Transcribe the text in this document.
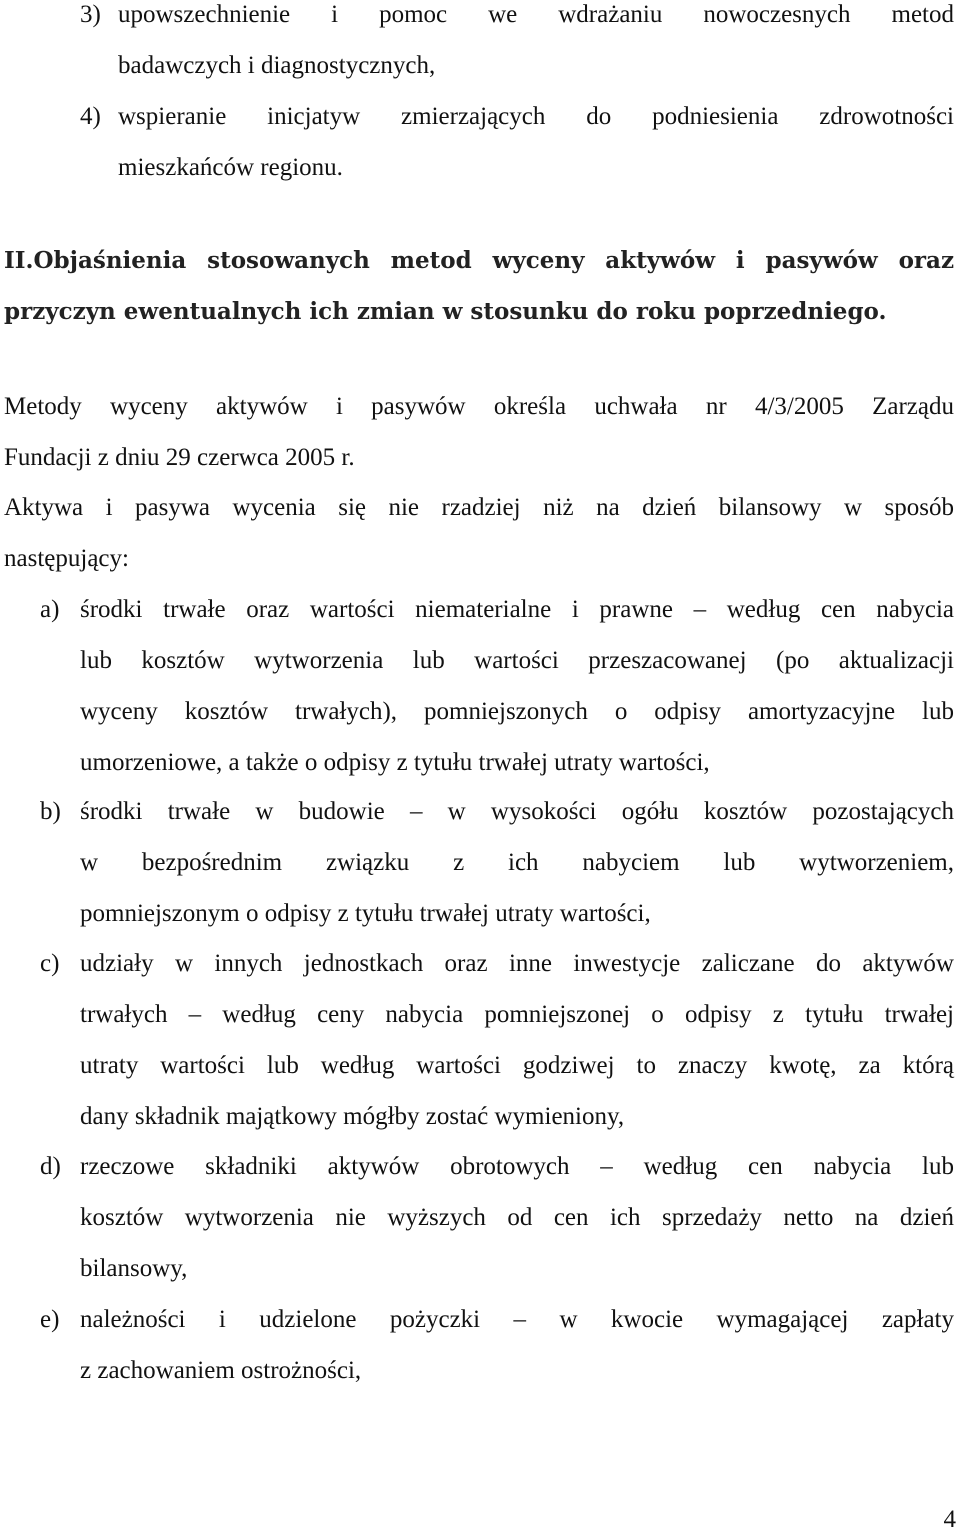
3) upowszechnienie i pomoc we wdrażaniu nowoczesnych metod
badawczych i diagnostycznych,
4) wspieranie inicjatyw zmierzających do podniesienia zdrowotności
mieszkańców regionu.
II.Objaśnienia stosowanych metod wyceny aktywów i pasywów oraz
przyczyn ewentualnych ich zmian w stosunku do roku poprzedniego.
Metody wyceny aktywów i pasywów określa uchwała nr 4/3/2005 Zarządu
Fundacji z dniu 29 czerwca 2005 r.
Aktywa i pasywa wycenia się nie rzadziej niż na dzień bilansowy w sposób
następujący:
a) środki trwałe oraz wartości niematerialne i prawne – według cen nabycia
lub kosztów wytworzenia lub wartości przeszacowanej (po aktualizacji
wyceny kosztów trwałych), pomniejszonych o odpisy amortyzacyjne lub
umorzeniowe, a także o odpisy z tytułu trwałej utraty wartości,
b) środki trwałe w budowie – w wysokości ogółu kosztów pozostających
w bezpośrednim związku z ich nabyciem lub wytworzeniem,
pomniejszonym o odpisy z tytułu trwałej utraty wartości,
c) udziały w innych jednostkach oraz inne inwestycje zaliczane do aktywów
trwałych – według ceny nabycia pomniejszonej o odpisy z tytułu trwałej
utraty wartości lub według wartości godziwej to znaczy kwotę, za którą
dany składnik majątkowy mógłby zostać wymieniony,
d) rzeczowe składniki aktywów obrotowych – według cen nabycia lub
kosztów wytworzenia nie wyższych od cen ich sprzedaży netto na dzień
bilansowy,
e) należności i udzielone pożyczki – w kwocie wymagającej zapłaty
z zachowaniem ostrożności,
4
